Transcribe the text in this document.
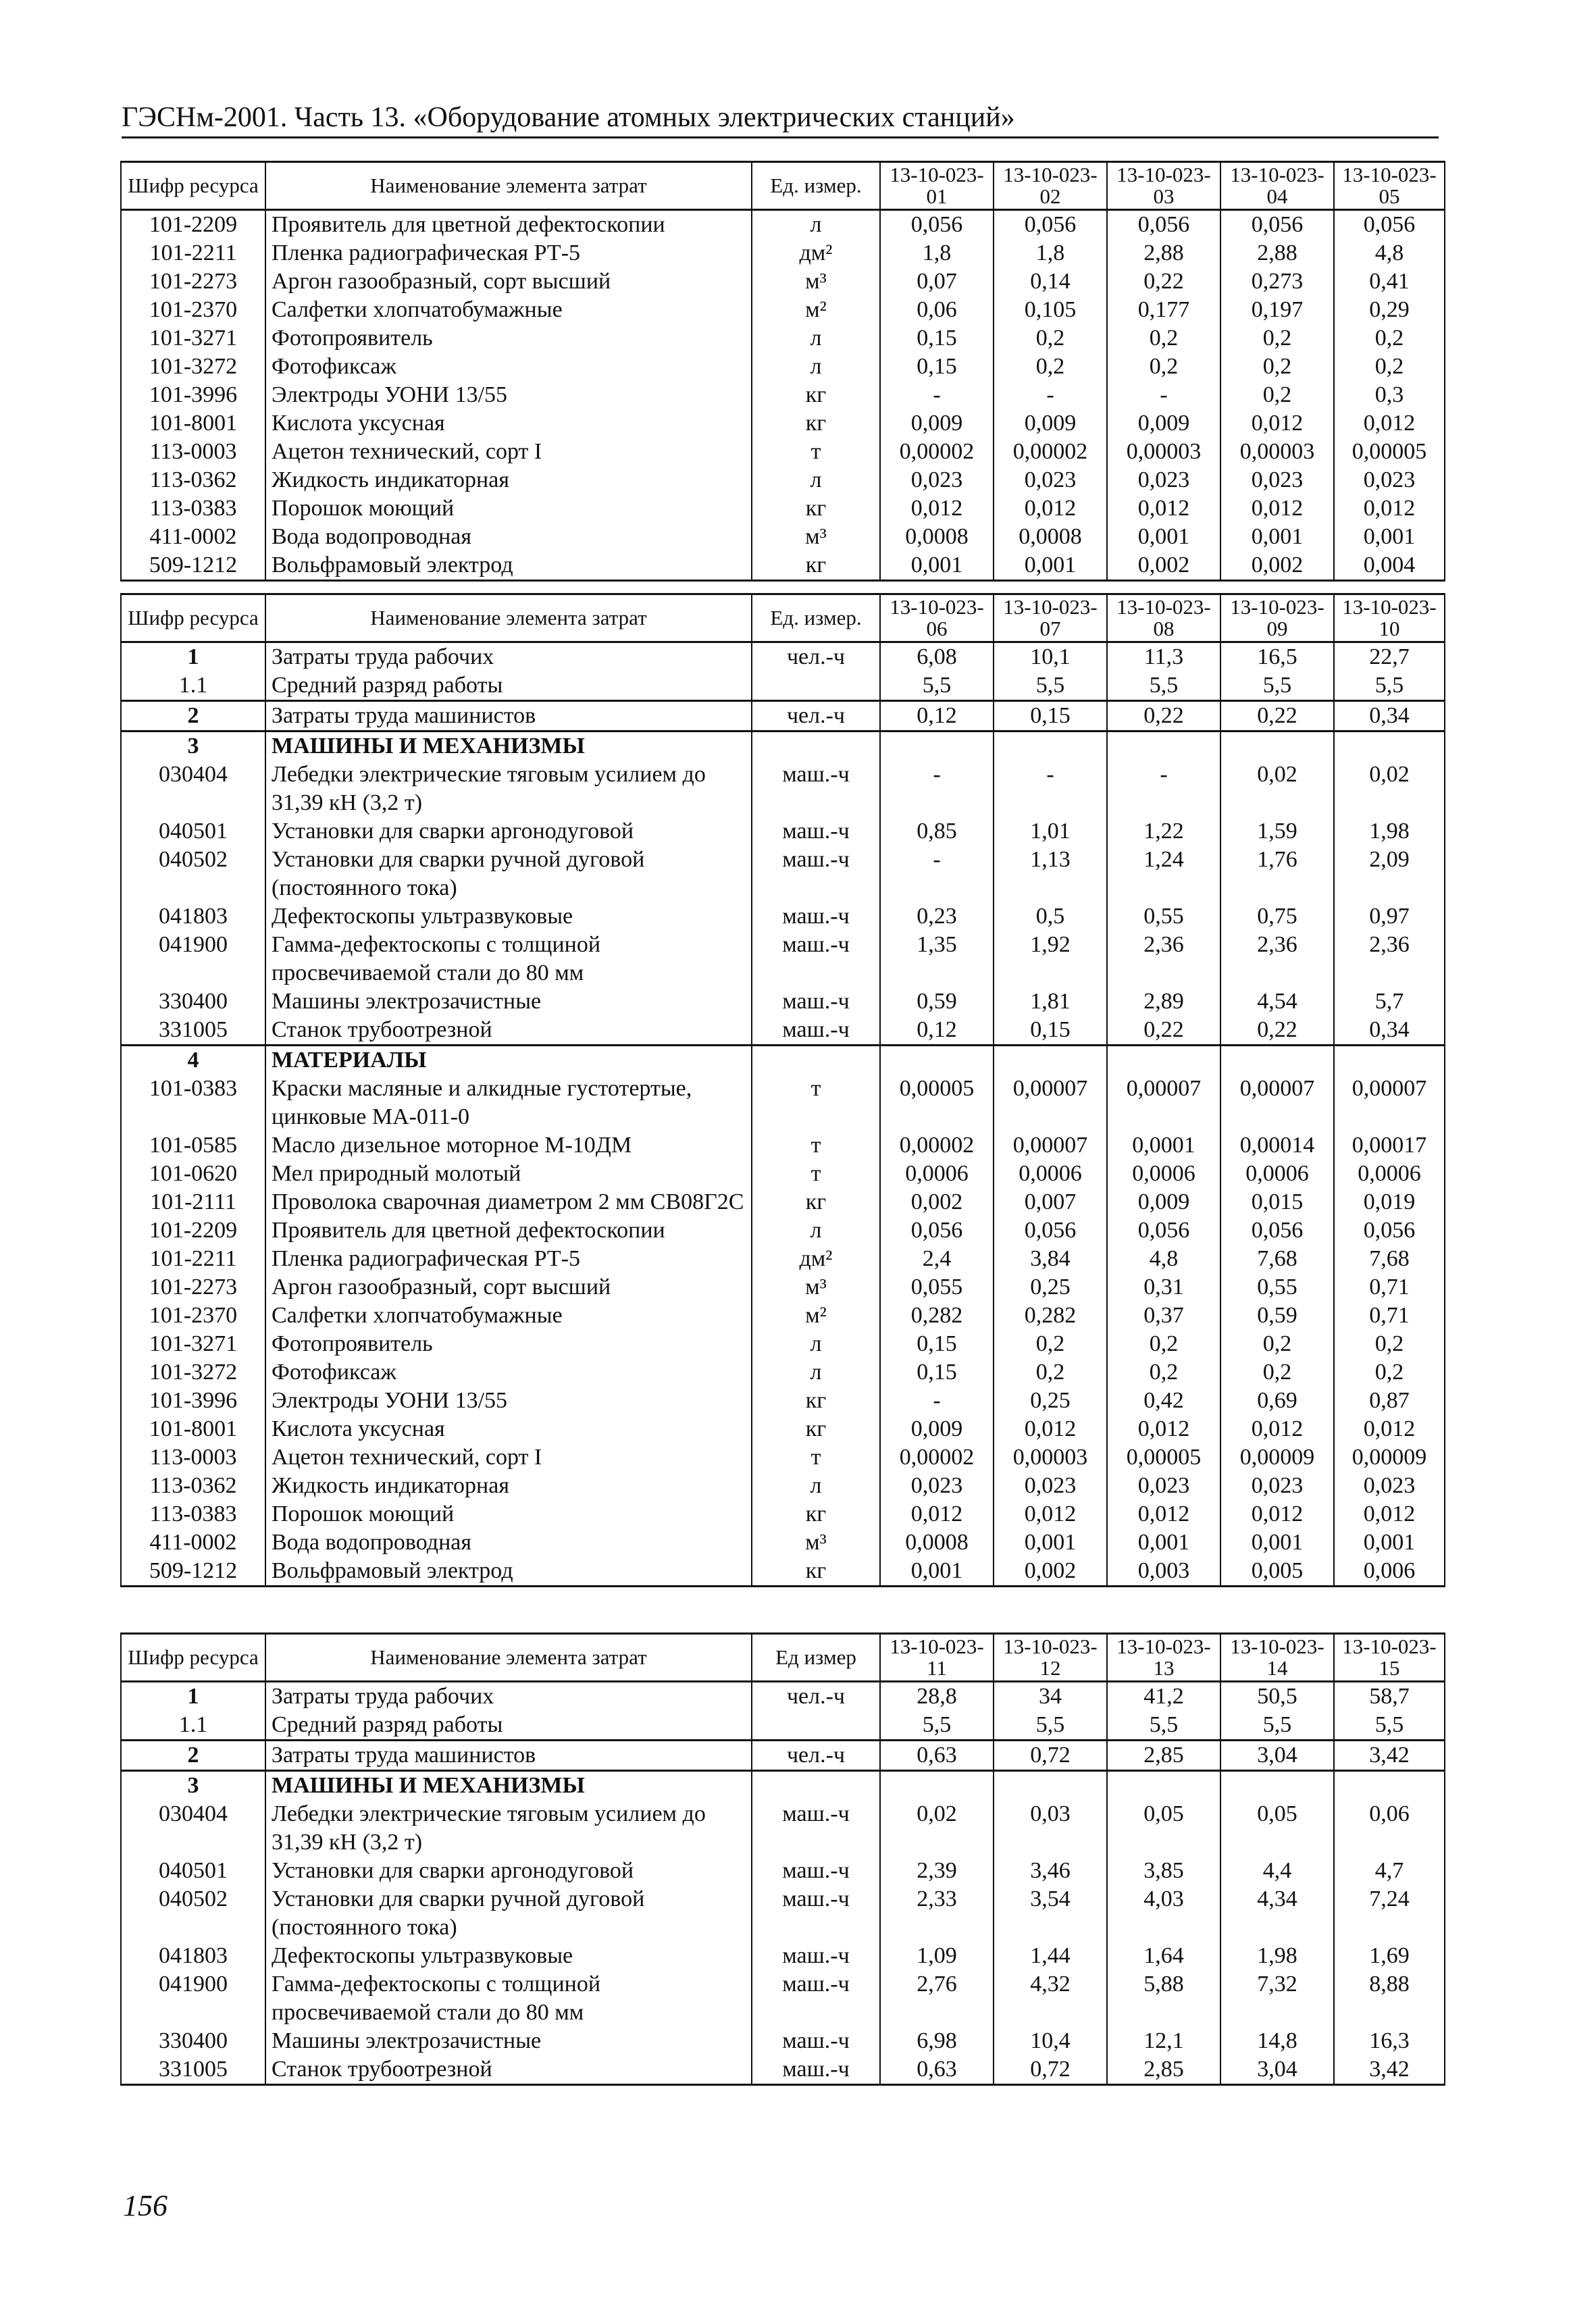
ГЭСНм-2001. Часть 13. «Оборудование атомных электрических станций»
Шифр ресурса	Наименование элемента затрат	Ед. измер.	13-10-023-01	13-10-023-02	13-10-023-03	13-10-023-04	13-10-023-05
101-2209	Проявитель для цветной дефектоскопии	л	0,056	0,056	0,056	0,056	0,056
101-2211	Пленка радиографическая РТ-5	дм²	1,8	1,8	2,88	2,88	4,8
101-2273	Аргон газообразный, сорт высший	м³	0,07	0,14	0,22	0,273	0,41
101-2370	Салфетки хлопчатобумажные	м²	0,06	0,105	0,177	0,197	0,29
101-3271	Фотопроявитель	л	0,15	0,2	0,2	0,2	0,2
101-3272	Фотофиксаж	л	0,15	0,2	0,2	0,2	0,2
101-3996	Электроды УОНИ 13/55	кг	-	-	-	0,2	0,3
101-8001	Кислота уксусная	кг	0,009	0,009	0,009	0,012	0,012
113-0003	Ацетон технический, сорт I	т	0,00002	0,00002	0,00003	0,00003	0,00005
113-0362	Жидкость индикаторная	л	0,023	0,023	0,023	0,023	0,023
113-0383	Порошок моющий	кг	0,012	0,012	0,012	0,012	0,012
411-0002	Вода водопроводная	м³	0,0008	0,0008	0,001	0,001	0,001
509-1212	Вольфрамовый электрод	кг	0,001	0,001	0,002	0,002	0,004
Шифр ресурса	Наименование элемента затрат	Ед. измер.	13-10-023-06	13-10-023-07	13-10-023-08	13-10-023-09	13-10-023-10
1	Затраты труда рабочих	чел.-ч	6,08	10,1	11,3	16,5	22,7
1.1	Средний разряд работы		5,5	5,5	5,5	5,5	5,5
2	Затраты труда машинистов	чел.-ч	0,12	0,15	0,22	0,22	0,34
3	МАШИНЫ И МЕХАНИЗМЫ						
030404	Лебедки электрические тяговым усилием до 31,39 кН (3,2 т)	маш.-ч	-	-	-	0,02	0,02
040501	Установки для сварки аргонодуговой	маш.-ч	0,85	1,01	1,22	1,59	1,98
040502	Установки для сварки ручной дуговой (постоянного тока)	маш.-ч	-	1,13	1,24	1,76	2,09
041803	Дефектоскопы ультразвуковые	маш.-ч	0,23	0,5	0,55	0,75	0,97
041900	Гамма-дефектоскопы с толщиной просвечиваемой стали до 80 мм	маш.-ч	1,35	1,92	2,36	2,36	2,36
330400	Машины электрозачистные	маш.-ч	0,59	1,81	2,89	4,54	5,7
331005	Станок трубоотрезной	маш.-ч	0,12	0,15	0,22	0,22	0,34
4	МАТЕРИАЛЫ						
101-0383	Краски масляные и алкидные густотертые, цинковые МА-011-0	т	0,00005	0,00007	0,00007	0,00007	0,00007
101-0585	Масло дизельное моторное М-10ДМ	т	0,00002	0,00007	0,0001	0,00014	0,00017
101-0620	Мел природный молотый	т	0,0006	0,0006	0,0006	0,0006	0,0006
101-2111	Проволока сварочная диаметром 2 мм СВ08Г2С	кг	0,002	0,007	0,009	0,015	0,019
101-2209	Проявитель для цветной дефектоскопии	л	0,056	0,056	0,056	0,056	0,056
101-2211	Пленка радиографическая РТ-5	дм²	2,4	3,84	4,8	7,68	7,68
101-2273	Аргон газообразный, сорт высший	м³	0,055	0,25	0,31	0,55	0,71
101-2370	Салфетки хлопчатобумажные	м²	0,282	0,282	0,37	0,59	0,71
101-3271	Фотопроявитель	л	0,15	0,2	0,2	0,2	0,2
101-3272	Фотофиксаж	л	0,15	0,2	0,2	0,2	0,2
101-3996	Электроды УОНИ 13/55	кг	-	0,25	0,42	0,69	0,87
101-8001	Кислота уксусная	кг	0,009	0,012	0,012	0,012	0,012
113-0003	Ацетон технический, сорт I	т	0,00002	0,00003	0,00005	0,00009	0,00009
113-0362	Жидкость индикаторная	л	0,023	0,023	0,023	0,023	0,023
113-0383	Порошок моющий	кг	0,012	0,012	0,012	0,012	0,012
411-0002	Вода водопроводная	м³	0,0008	0,001	0,001	0,001	0,001
509-1212	Вольфрамовый электрод	кг	0,001	0,002	0,003	0,005	0,006
Шифр ресурса	Наименование элемента затрат	Ед измер	13-10-023-11	13-10-023-12	13-10-023-13	13-10-023-14	13-10-023-15
1	Затраты труда рабочих	чел.-ч	28,8	34	41,2	50,5	58,7
1.1	Средний разряд работы		5,5	5,5	5,5	5,5	5,5
2	Затраты труда машинистов	чел.-ч	0,63	0,72	2,85	3,04	3,42
3	МАШИНЫ И МЕХАНИЗМЫ						
030404	Лебедки электрические тяговым усилием до 31,39 кН (3,2 т)	маш.-ч	0,02	0,03	0,05	0,05	0,06
040501	Установки для сварки аргонодуговой	маш.-ч	2,39	3,46	3,85	4,4	4,7
040502	Установки для сварки ручной дуговой (постоянного тока)	маш.-ч	2,33	3,54	4,03	4,34	7,24
041803	Дефектоскопы ультразвуковые	маш.-ч	1,09	1,44	1,64	1,98	1,69
041900	Гамма-дефектоскопы с толщиной просвечиваемой стали до 80 мм	маш.-ч	2,76	4,32	5,88	7,32	8,88
330400	Машины электрозачистные	маш.-ч	6,98	10,4	12,1	14,8	16,3
331005	Станок трубоотрезной	маш.-ч	0,63	0,72	2,85	3,04	3,42
156
